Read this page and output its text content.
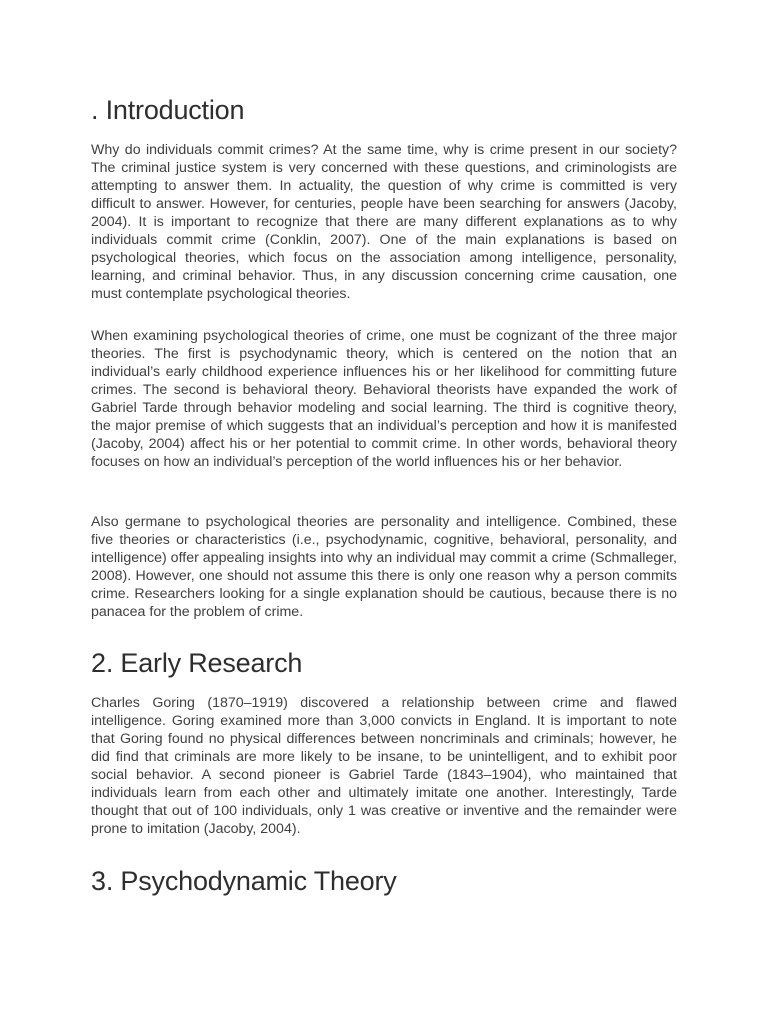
. Introduction

Why do individuals commit crimes? At the same time, why is crime present in our society? The criminal justice system is very concerned with these questions, and criminologists are attempting to answer them. In actuality, the question of why crime is committed is very difficult to answer. However, for centuries, people have been searching for answers (Jacoby, 2004). It is important to recognize that there are many different explanations as to why individuals commit crime (Conklin, 2007). One of the main explanations is based on psychological theories, which focus on the association among intelligence, personality, learning, and criminal behavior. Thus, in any discussion concerning crime causation, one must contemplate psychological theories.

When examining psychological theories of crime, one must be cognizant of the three major theories. The first is psychodynamic theory, which is centered on the notion that an individual’s early childhood experience influences his or her likelihood for committing future crimes. The second is behavioral theory. Behavioral theorists have expanded the work of Gabriel Tarde through behavior modeling and social learning. The third is cognitive theory, the major premise of which suggests that an individual’s perception and how it is manifested (Jacoby, 2004) affect his or her potential to commit crime. In other words, behavioral theory focuses on how an individual’s perception of the world influences his or her behavior.

Also germane to psychological theories are personality and intelligence. Combined, these five theories or characteristics (i.e., psychodynamic, cognitive, behavioral, personality, and intelligence) offer appealing insights into why an individual may commit a crime (Schmalleger, 2008). However, one should not assume this there is only one reason why a person commits crime. Researchers looking for a single explanation should be cautious, because there is no panacea for the problem of crime.

2. Early Research

Charles Goring (1870–1919) discovered a relationship between crime and flawed intelligence. Goring examined more than 3,000 convicts in England. It is important to note that Goring found no physical differences between noncriminals and criminals; however, he did find that criminals are more likely to be insane, to be unintelligent, and to exhibit poor social behavior. A second pioneer is Gabriel Tarde (1843–1904), who maintained that individuals learn from each other and ultimately imitate one another. Interestingly, Tarde thought that out of 100 individuals, only 1 was creative or inventive and the remainder were prone to imitation (Jacoby, 2004).

3. Psychodynamic Theory
